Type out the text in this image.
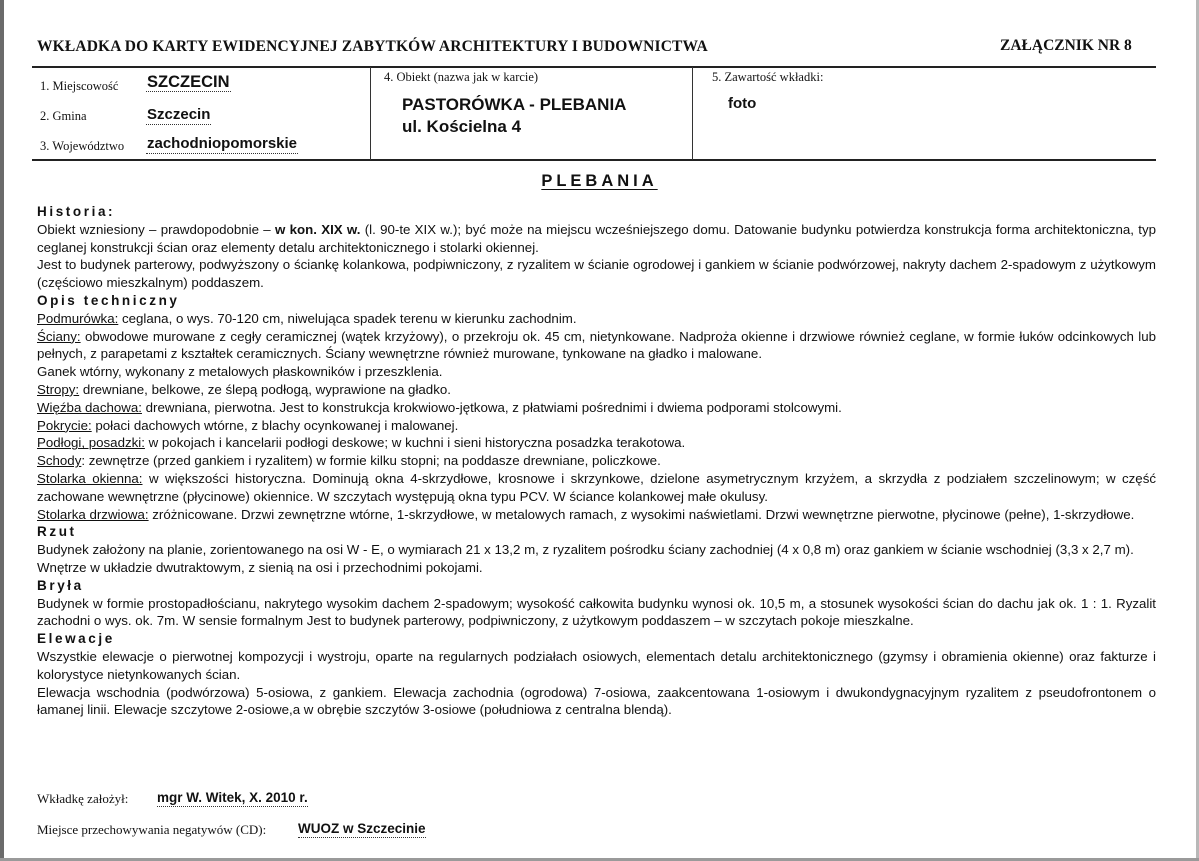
WKŁADKA DO KARTY EWIDENCYJNEJ ZABYTKÓW ARCHITEKTURY I BUDOWNICTWA	ZAŁĄCZNIK NR 8
1. Miejscowość SZCZECIN
2. Gmina	Szczecin
3. Województwo zachodniopomorskie
4. Obiekt (nazwa jak w karcie)
PASTORÓWKA - PLEBANIA
ul. Kościelna 4
5. Zawartość wkładki:
foto
PLEBANIA
Historia:

Obiekt wzniesiony – prawdopodobnie – w kon. XIX w. (l. 90-te XIX w.); być może na miejscu wcześniejszego domu. Datowanie budynku potwierdza konstrukcja forma architektoniczna, typ ceglanej konstrukcji ścian oraz elementy detalu architektonicznego i stolarki okiennej.

Jest to budynek parterowy, podwyższony o ściankę kolankowa, podpiwniczony, z ryzalitem w ścianie ogrodowej i gankiem w ścianie podwórzowej, nakryty dachem 2-spadowym z użytkowym (częściowo mieszkalnym) poddaszem.

Opis techniczny

Podmurówka: ceglana, o wys. 70-120 cm, niwelująca spadek terenu w kierunku zachodnim.

Ściany: obwodowe murowane z cegły ceramicznej (wątek krzyżowy), o przekroju ok. 45 cm, nietynkowane. Nadproża okienne i drzwiowe również ceglane, w formie łuków odcinkowych lub pełnych, z parapetami z kształtek ceramicznych. Ściany wewnętrzne również murowane, tynkowane na gładko i malowane.

Ganek wtórny, wykonany z metalowych płaskowników i przeszklenia.

Stropy: drewniane, belkowe, ze ślepą podłogą, wyprawione na gładko.

Więźba dachowa: drewniana, pierwotna. Jest to konstrukcja krokwiowo-jętkowa, z płatwiami pośrednimi i dwiema podporami stolcowymi.

Pokrycie: połaci dachowych wtórne, z blachy ocynkowanej i malowanej.

Podłogi, posadzki: w pokojach i kancelarii podłogi deskowe; w kuchni i sieni historyczna posadzka terakotowa.

Schody: zewnętrze (przed gankiem i ryzalitem) w formie kilku stopni; na poddasze drewniane, policzkowe.

Stolarka okienna: w większości historyczna. Dominują okna 4-skrzydłowe, krosnowe i skrzynkowe, dzielone asymetrycznym krzyżem, a skrzydła z podziałem szczelinowym; w część zachowane wewnętrzne (płycinowe) okiennice. W szczytach występują okna typu PCV. W ściance kolankowej małe okulusy.

Stolarka drzwiowa: zróżnicowane. Drzwi zewnętrzne wtórne, 1-skrzydłowe, w metalowych ramach, z wysokimi naświetlami. Drzwi wewnętrzne pierwotne, płycinowe (pełne), 1-skrzydłowe.

Rzut

Budynek założony na planie, zorientowanego na osi W - E, o wymiarach 21 x 13,2 m, z ryzalitem pośrodku ściany zachodniej (4 x 0,8 m) oraz gankiem w ścianie wschodniej (3,3 x 2,7 m).

Wnętrze w układzie dwutraktowym, z sienią na osi i przechodnimi pokojami.

Bryła

Budynek w formie prostopadłościanu, nakrytego wysokim dachem 2-spadowym; wysokość całkowita budynku wynosi ok. 10,5 m, a stosunek wysokości ścian do dachu jak ok. 1 : 1. Ryzalit zachodni o wys. ok. 7m. W sensie formalnym Jest to budynek parterowy, podpiwniczony, z użytkowym poddaszem – w szczytach pokoje mieszkalne.

Elewacje

Wszystkie elewacje o pierwotnej kompozycji i wystroju, oparte na regularnych podziałach osiowych, elementach detalu architektonicznego (gzymsy i obramienia okienne) oraz fakturze i kolorystyce nietynkowanych ścian.

Elewacja wschodnia (podwórzowa) 5-osiowa, z gankiem. Elewacja zachodnia (ogrodowa) 7-osiowa, zaakcentowana 1-osiowym i dwukondygnacyjnym ryzalitem z pseudofrontonem o łamanej linii. Elewacje szczytowe 2-osiowe,a w obrębie szczytów 3-osiowe (południowa z centralna blendą).

Wkładkę założył: mgr W. Witek, X. 2010 r.
Miejsce przechowywania negatywów (CD): WUOZ w Szczecinie
